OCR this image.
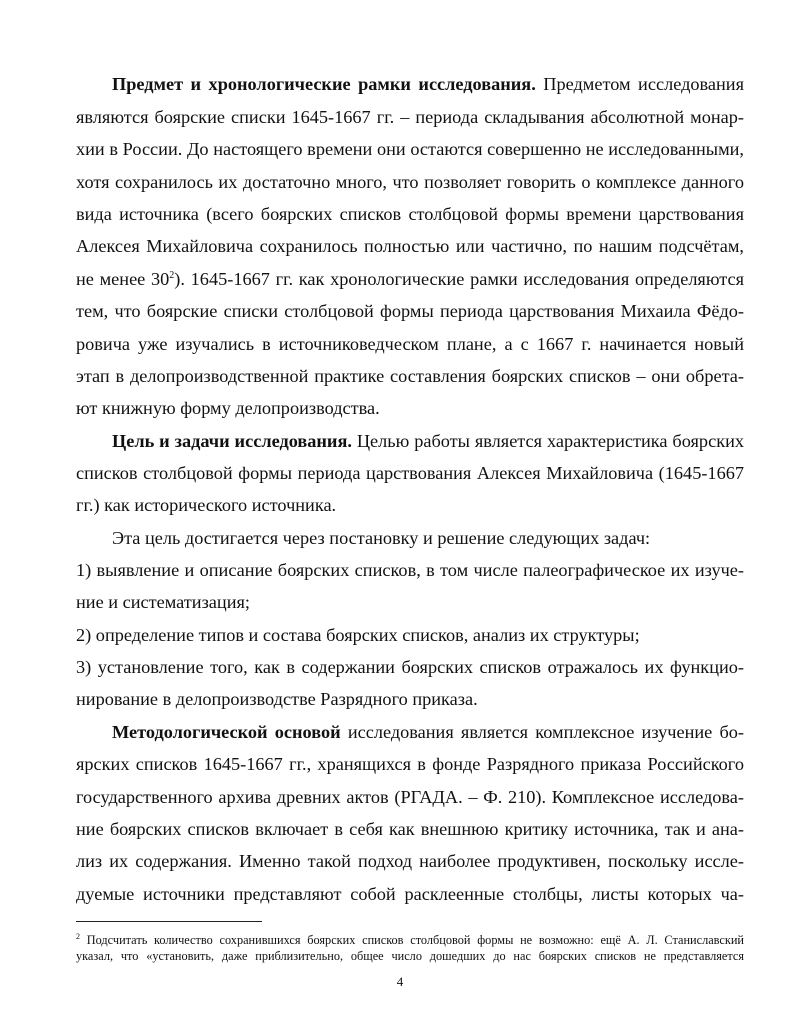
Предмет и хронологические рамки исследования. Предметом исследования
являются боярские списки 1645-1667 гг. – периода складывания абсолютной монар-
хии в России. До настоящего времени они остаются совершенно не исследованными,
хотя сохранилось их достаточно много, что позволяет говорить о комплексе данного
вида источника (всего боярских списков столбцовой формы времени царствования
Алексея Михайловича сохранилось полностью или частично, по нашим подсчётам,
не менее $30^2$). 1645-1667 гг. как хронологические рамки исследования определяются
тем, что боярские списки столбцовой формы периода царствования Михаила Фёдо-
ровича уже изучались в источниковедческом плане, а с 1667 г. начинается новый
этап в делопроизводственной практике составления боярских списков – они обрета-
ют книжную форму делопроизводства.
Цель и задачи исследования. Целью работы является характеристика боярских
списков столбцовой формы периода царствования Алексея Михайловича (1645-1667
гг.) как исторического источника.
Эта цель достигается через постановку и решение следующих задач:
1) выявление и описание боярских списков, в том числе палеографическое их изуче-
ние и систематизация;
2) определение типов и состава боярских списков, анализ их структуры;
3) установление того, как в содержании боярских списков отражалось их функцио-
нирование в делопроизводстве Разрядного приказа.
Методологической основой исследования является комплексное изучение бо-
ярских списков 1645-1667 гг., хранящихся в фонде Разрядного приказа Российского
государственного архива древних актов (РГАДА. – Ф. 210). Комплексное исследова-
ние боярских списков включает в себя как внешнюю критику источника, так и ана-
лиз их содержания. Именно такой подход наиболее продуктивен, поскольку иссле-
дуемые источники представляют собой расклеенные столбцы, листы которых ча-
$^2$ Подсчитать количество сохранившихся боярских списков столбцовой формы не возможно: ещё А. Л. Станиславский
указал, что «установить, даже приблизительно, общее число дошедших до нас боярских списков не представляется
4
